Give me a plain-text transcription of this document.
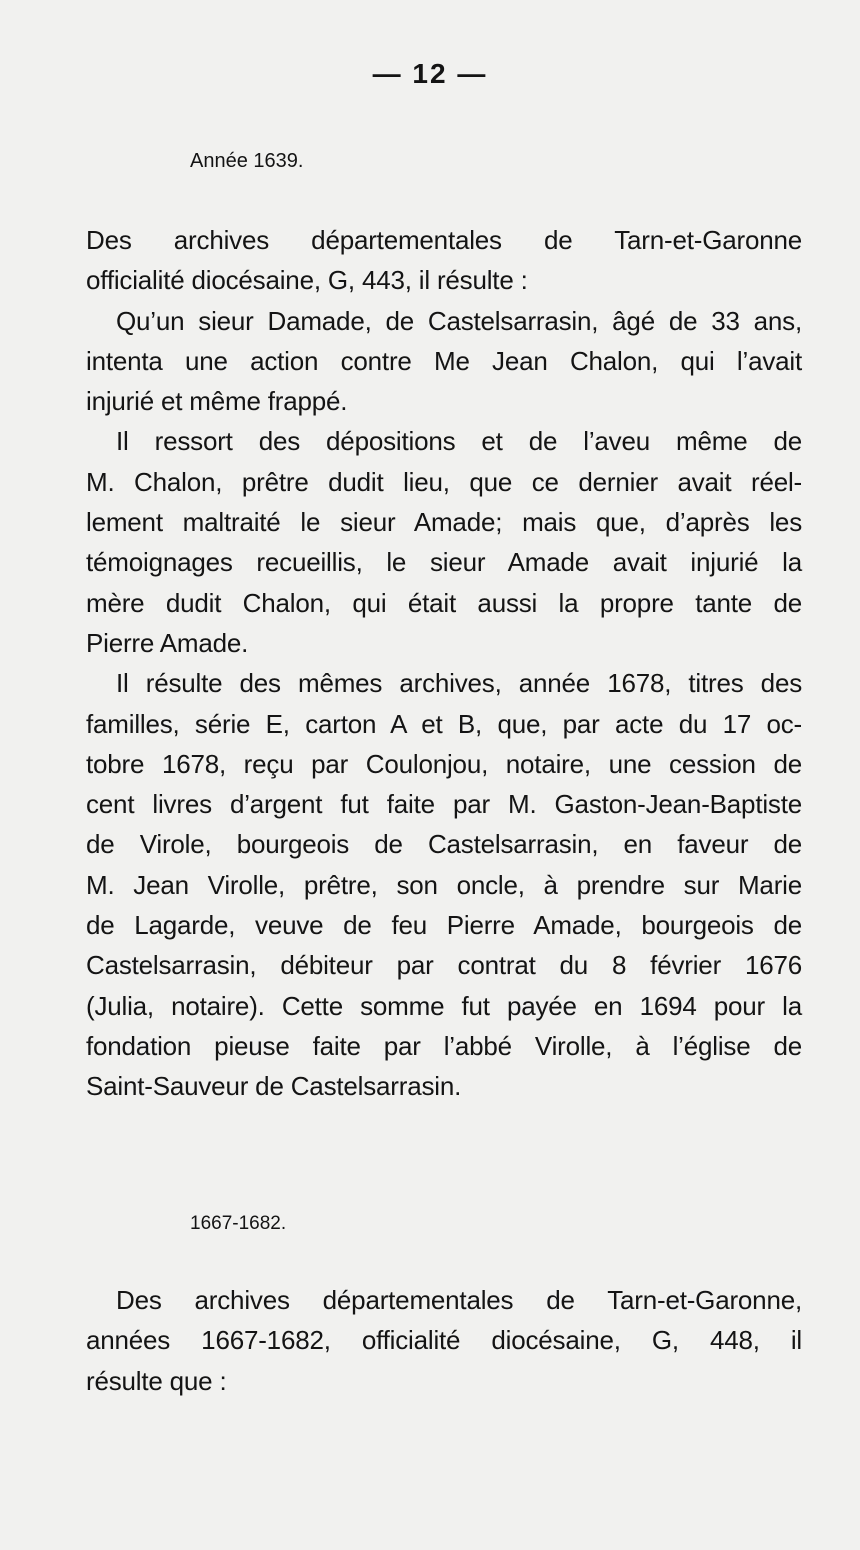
— 12 —
Année 1639.
Des archives départementales de Tarn-et-Garonne
officialité diocésaine, G, 443, il résulte :
Qu’un sieur Damade, de Castelsarrasin, âgé de 33 ans,
intenta une action contre Me Jean Chalon, qui l’avait
injurié et même frappé.
Il ressort des dépositions et de l’aveu même de
M. Chalon, prêtre dudit lieu, que ce dernier avait réel-
lement maltraité le sieur Amade; mais que, d’après les
témoignages recueillis, le sieur Amade avait injurié la
mère dudit Chalon, qui était aussi la propre tante de
Pierre Amade.
Il résulte des mêmes archives, année 1678, titres des
familles, série E, carton A et B, que, par acte du 17 oc-
tobre 1678, reçu par Coulonjou, notaire, une cession de
cent livres d’argent fut faite par M. Gaston-Jean-Baptiste
de Virole, bourgeois de Castelsarrasin, en faveur de
M. Jean Virolle, prêtre, son oncle, à prendre sur Marie
de Lagarde, veuve de feu Pierre Amade, bourgeois de
Castelsarrasin, débiteur par contrat du 8 février 1676
(Julia, notaire). Cette somme fut payée en 1694 pour la
fondation pieuse faite par l’abbé Virolle, à l’église de
Saint-Sauveur de Castelsarrasin.
1667-1682.
Des archives départementales de Tarn-et-Garonne,
années 1667-1682, officialité diocésaine, G, 448, il
résulte que :
